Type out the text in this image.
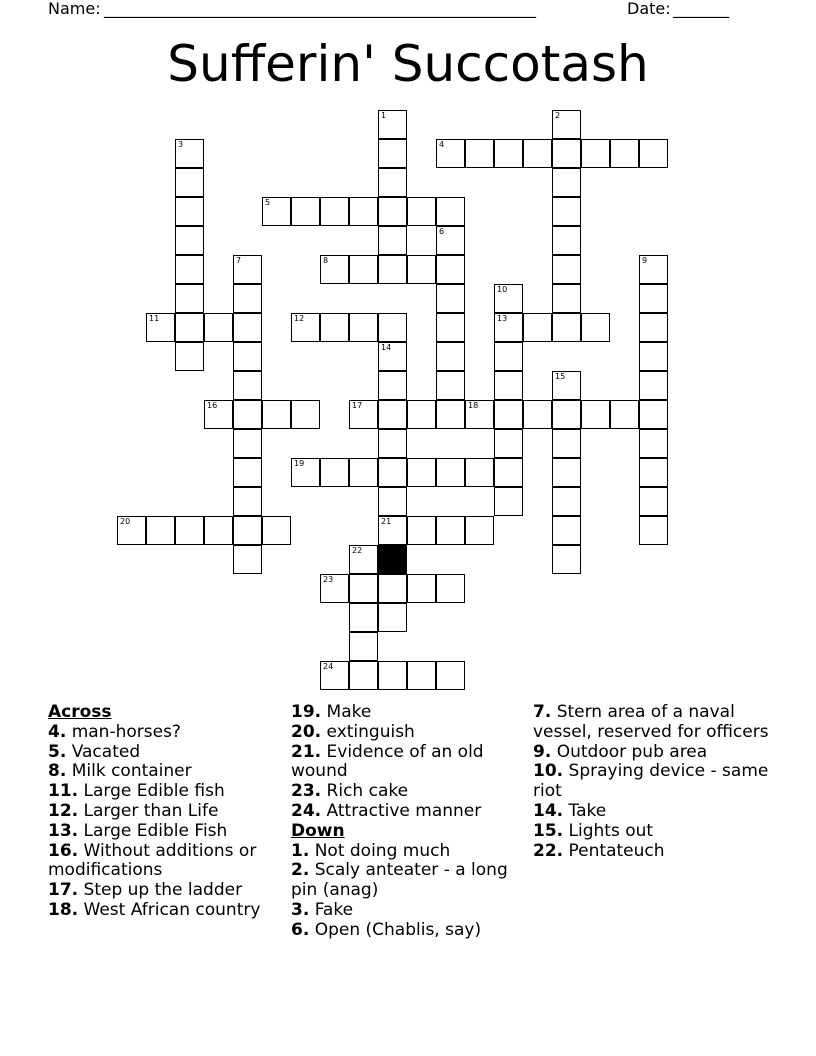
Name: ______________________________________________________	Date: _______
Sufferin' Succotash
1	2
3	4
5
6
7	8	9
10
13
11	12
14
21
15
16	17	18
19
20
22
23
24

Across

4. man-horses?

5. Vacated

8. Milk container

11. Large Edible fish

12. Larger than Life

13. Large Edible Fish

16. Without additions or modifications

17. Step up the ladder

18. West African country

19. Make

20. extinguish

21. Evidence of an old wound

23. Rich cake

24. Attractive manner

Down

1. Not doing much

2. Scaly anteater - a long pin (anag)

3. Fake

6. Open (Chablis, say)

7. Stern area of a naval vessel, reserved for officers

9. Outdoor pub area

10. Spraying device - same riot

14. Take

15. Lights out

22. Pentateuch
